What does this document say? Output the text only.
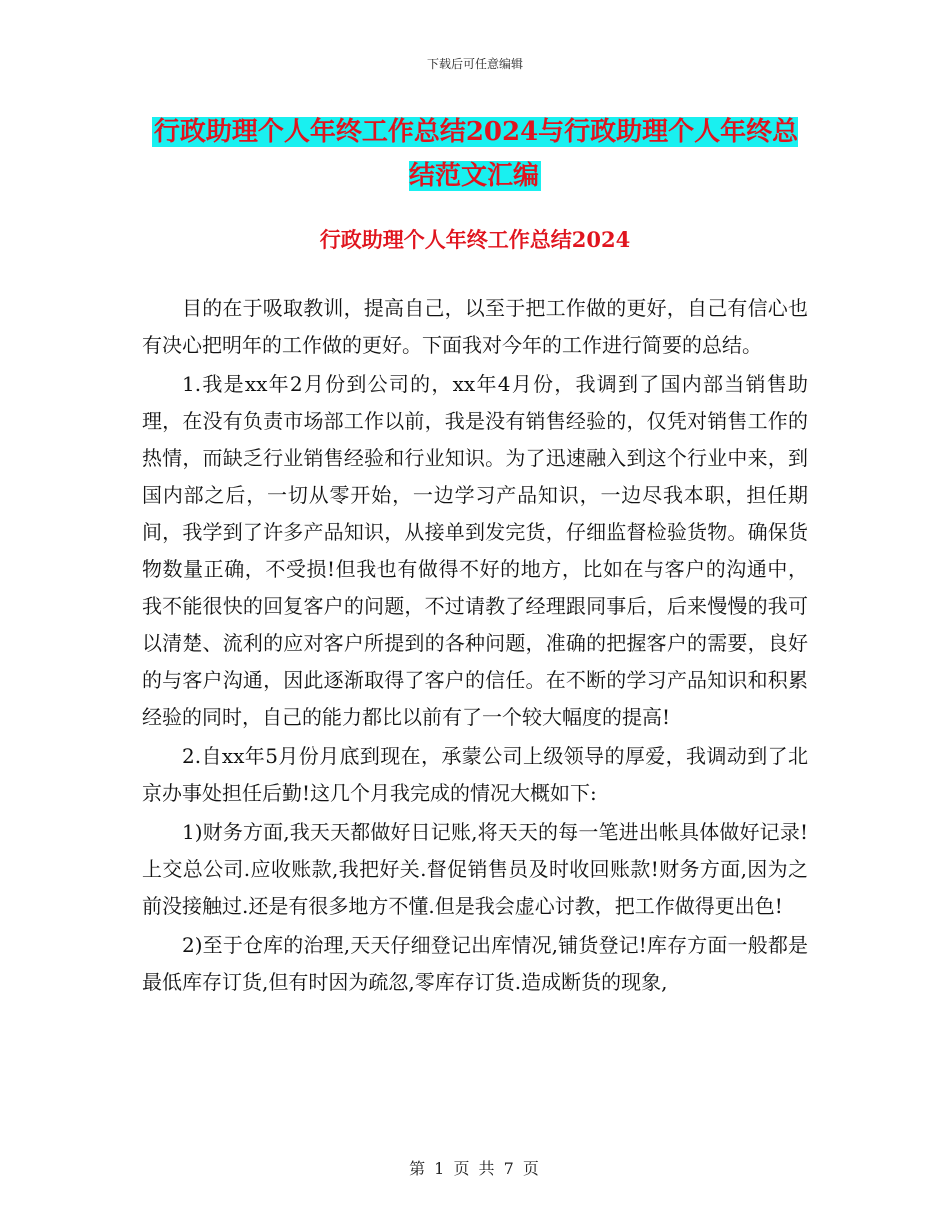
下载后可任意编辑
行政助理个人年终工作总结2024与行政助理个人年终总结范文汇编
行政助理个人年终工作总结2024

目的在于吸取教训，提高自己，以至于把工作做的更好，自己有信心也有决心把明年的工作做的更好。下面我对今年的工作进行简要的总结。

1.我是xx年2月份到公司的，xx年4月份，我调到了国内部当销售助理，在没有负责市场部工作以前，我是没有销售经验的，仅凭对销售工作的热情，而缺乏行业销售经验和行业知识。为了迅速融入到这个行业中来，到国内部之后，一切从零开始，一边学习产品知识，一边尽我本职，担任期间，我学到了许多产品知识，从接单到发完货，仔细监督检验货物。确保货物数量正确，不受损!但我也有做得不好的地方，比如在与客户的沟通中，我不能很快的回复客户的问题，不过请教了经理跟同事后，后来慢慢的我可以清楚、流利的应对客户所提到的各种问题，准确的把握客户的需要，良好的与客户沟通，因此逐渐取得了客户的信任。在不断的学习产品知识和积累经验的同时，自己的能力都比以前有了一个较大幅度的提高!

2.自xx年5月份月底到现在，承蒙公司上级领导的厚爱，我调动到了北京办事处担任后勤!这几个月我完成的情况大概如下:

1)财务方面,我天天都做好日记账,将天天的每一笔进出帐具体做好记录!上交总公司.应收账款,我把好关.督促销售员及时收回账款!财务方面,因为之前没接触过.还是有很多地方不懂.但是我会虚心讨教，把工作做得更出色!

2)至于仓库的治理,天天仔细登记出库情况,铺货登记!库存方面一般都是最低库存订货,但有时因为疏忽,零库存订货.造成断货的现象,

第 1 页 共 7 页
